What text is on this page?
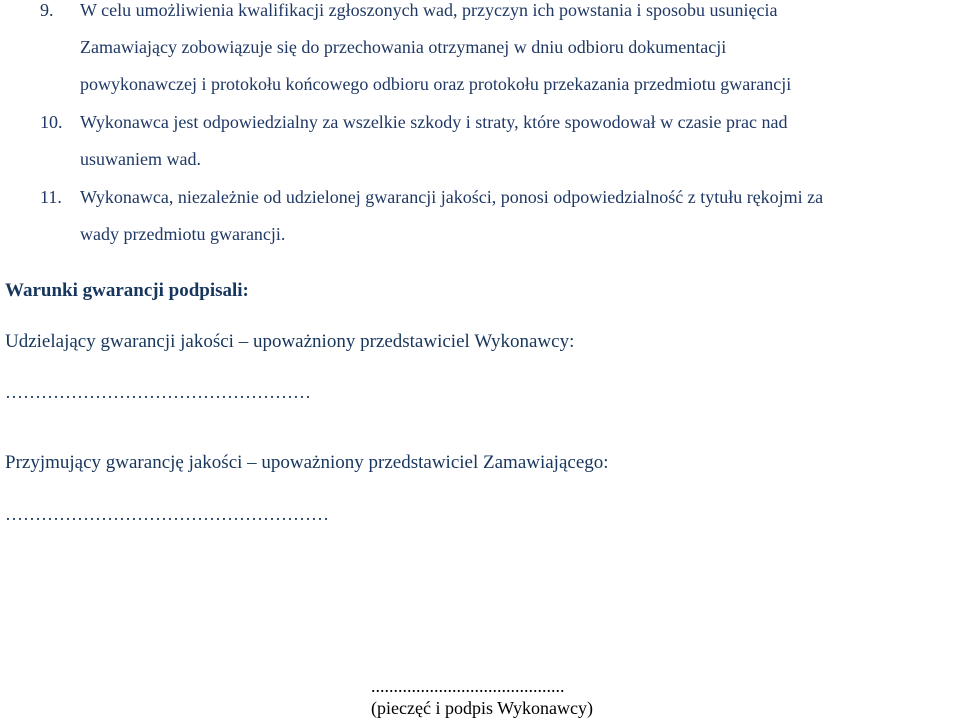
9. W celu umożliwienia kwalifikacji zgłoszonych wad, przyczyn ich powstania i sposobu usunięcia
Zamawiający zobowiązuje się do przechowania otrzymanej w dniu odbioru dokumentacji
powykonawczej i protokołu końcowego odbioru oraz protokołu przekazania przedmiotu gwarancji
10. Wykonawca jest odpowiedzialny za wszelkie szkody i straty, które spowodował w czasie prac nad
usuwaniem wad.
11. Wykonawca, niezależnie od udzielonej gwarancji jakości, ponosi odpowiedzialność z tytułu rękojmi za
wady przedmiotu gwarancji.
Warunki gwarancji podpisali:
Udzielający gwarancji jakości – upoważniony przedstawiciel Wykonawcy:
……………………………………………
Przyjmujący gwarancję jakości – upoważniony przedstawiciel Zamawiającego:
………………………………………………
...........................................
(pieczęć i podpis Wykonawcy)
